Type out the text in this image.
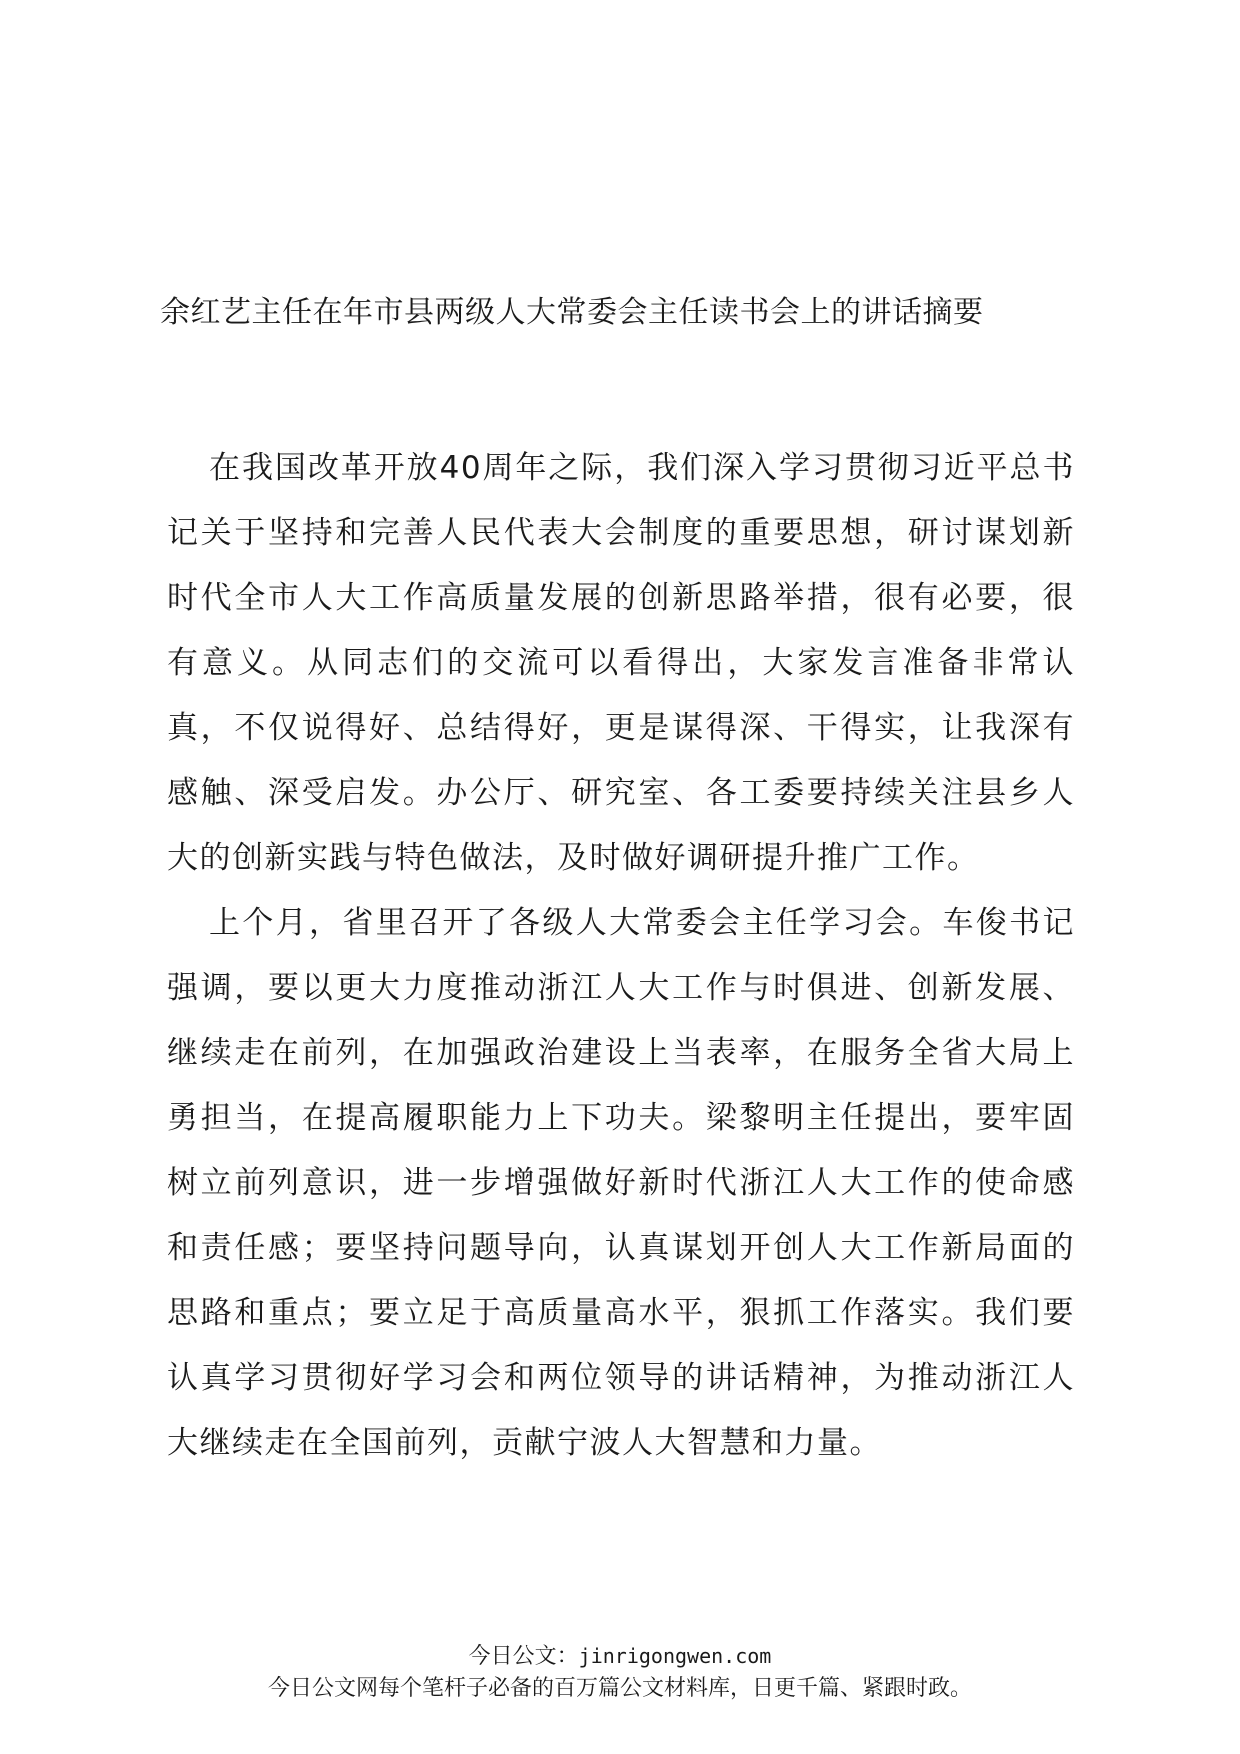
余红艺主任在年市县两级人大常委会主任读书会上的讲话摘要

在我国改革开放40周年之际，我们深入学习贯彻习近平总书记关于坚持和完善人民代表大会制度的重要思想，研讨谋划新时代全市人大工作高质量发展的创新思路举措，很有必要，很有意义。从同志们的交流可以看得出，大家发言准备非常认真，不仅说得好、总结得好，更是谋得深、干得实，让我深有感触、深受启发。办公厅、研究室、各工委要持续关注县乡人大的创新实践与特色做法，及时做好调研提升推广工作。

上个月，省里召开了各级人大常委会主任学习会。车俊书记强调，要以更大力度推动浙江人大工作与时俱进、创新发展、继续走在前列，在加强政治建设上当表率，在服务全省大局上勇担当，在提高履职能力上下功夫。梁黎明主任提出，要牢固树立前列意识，进一步增强做好新时代浙江人大工作的使命感和责任感；要坚持问题导向，认真谋划开创人大工作新局面的思路和重点；要立足于高质量高水平，狠抓工作落实。我们要认真学习贯彻好学习会和两位领导的讲话精神，为推动浙江人大继续走在全国前列，贡献宁波人大智慧和力量。

今日公文：jinrigongwen.com
今日公文网每个笔杆子必备的百万篇公文材料库，日更千篇、紧跟时政。
